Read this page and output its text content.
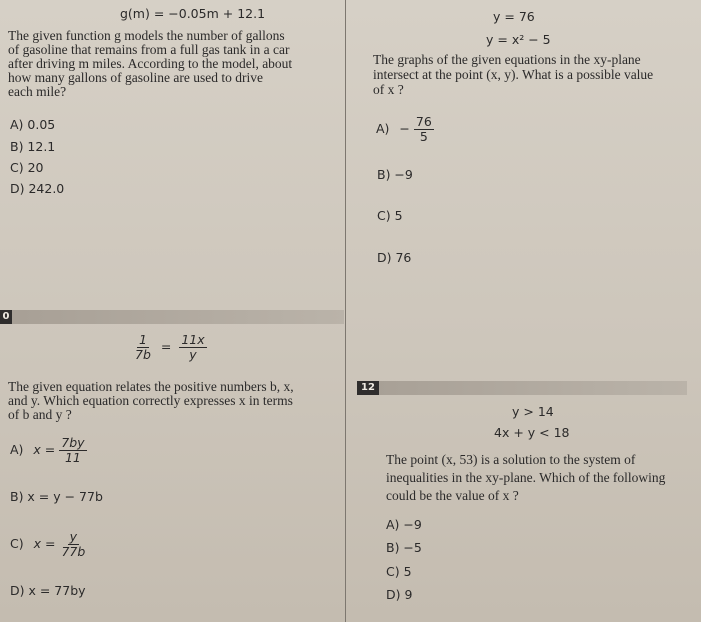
g(m) = −0.05m + 12.1
The given function g models the number of gallons
of gasoline that remains from a full gas tank in a car
after driving m miles. According to the model, about
how many gallons of gasoline are used to drive
each mile?
A) 0.05
B) 12.1
C) 20
D) 242.0
y = 76
y = x² − 5
The graphs of the given equations in the xy-plane
intersect at the point (x, y). What is a possible value
of x ?
$A) - \frac{76}{5}$
B) −9
C) 5
D) 76
0
$\frac{1}{7b} = \frac{11x}{y}$
The given equation relates the positive numbers b, x,
and y. Which equation correctly expresses x in terms
of b and y ?
A) $x = \frac{7by}{11}$
B) x = y − 77b
C) $x = \frac{y}{77b}$
D) x = 77by
12
y > 14
4x + y < 18
The point (x, 53) is a solution to the system of
inequalities in the xy-plane. Which of the following
could be the value of x ?
A) −9
B) −5
C) 5
D) 9
